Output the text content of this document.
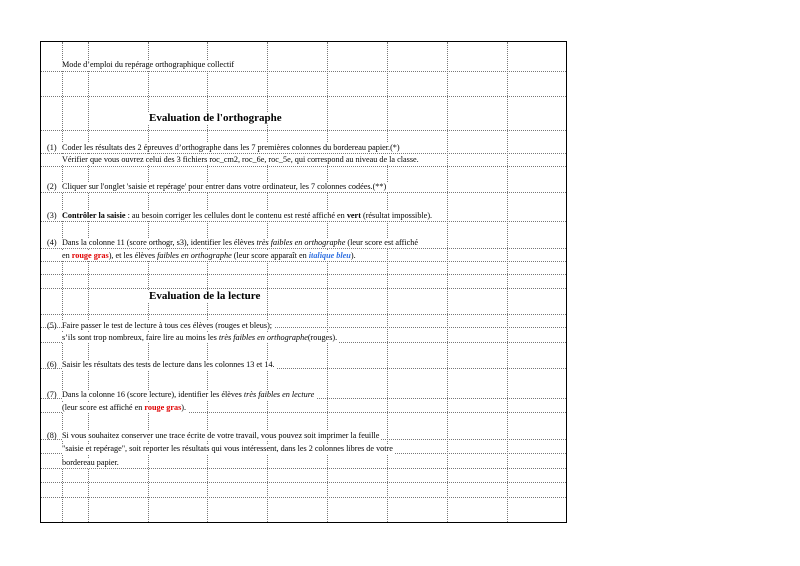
Mode d’emploi du repérage orthographique collectif
Evaluation de l'orthographe
(1) Coder les résultats des 2 épreuves d’orthographe dans les 7 premières colonnes du bordereau papier.(*)
Vérifier que vous ouvrez celui des 3 fichiers roc_cm2, roc_6e, roc_5e, qui correspond au niveau de la classe.
(2) Cliquer sur l'onglet 'saisie et repérage' pour entrer dans votre ordinateur, les 7 colonnes codées.(**)
(3) Contrôler la saisie : au besoin corriger les cellules dont le contenu est resté affiché en vert (résultat impossible).
(4) Dans la colonne 11 (score orthogr, s3), identifier les élèves très faibles en orthographe (leur score est affiché
en rouge gras), et les élèves faibles en orthographe (leur score apparaît en italique bleu).
Evaluation de la lecture
(5) Faire passer le test de lecture à tous ces élèves (rouges et bleus);
s’ils sont trop nombreux, faire lire au moins les très faibles en orthographe(rouges).
(6) Saisir les résultats des tests de lecture dans les colonnes 13 et 14.
(7) Dans la colonne 16 (score lecture), identifier les élèves très faibles en lecture
(leur score est affiché en rouge gras).
(8) Si vous souhaitez conserver une trace écrite de votre travail, vous pouvez soit imprimer la feuille
"saisie et repérage", soit reporter les résultats qui vous intéressent, dans les 2 colonnes libres de votre
bordereau papier.
